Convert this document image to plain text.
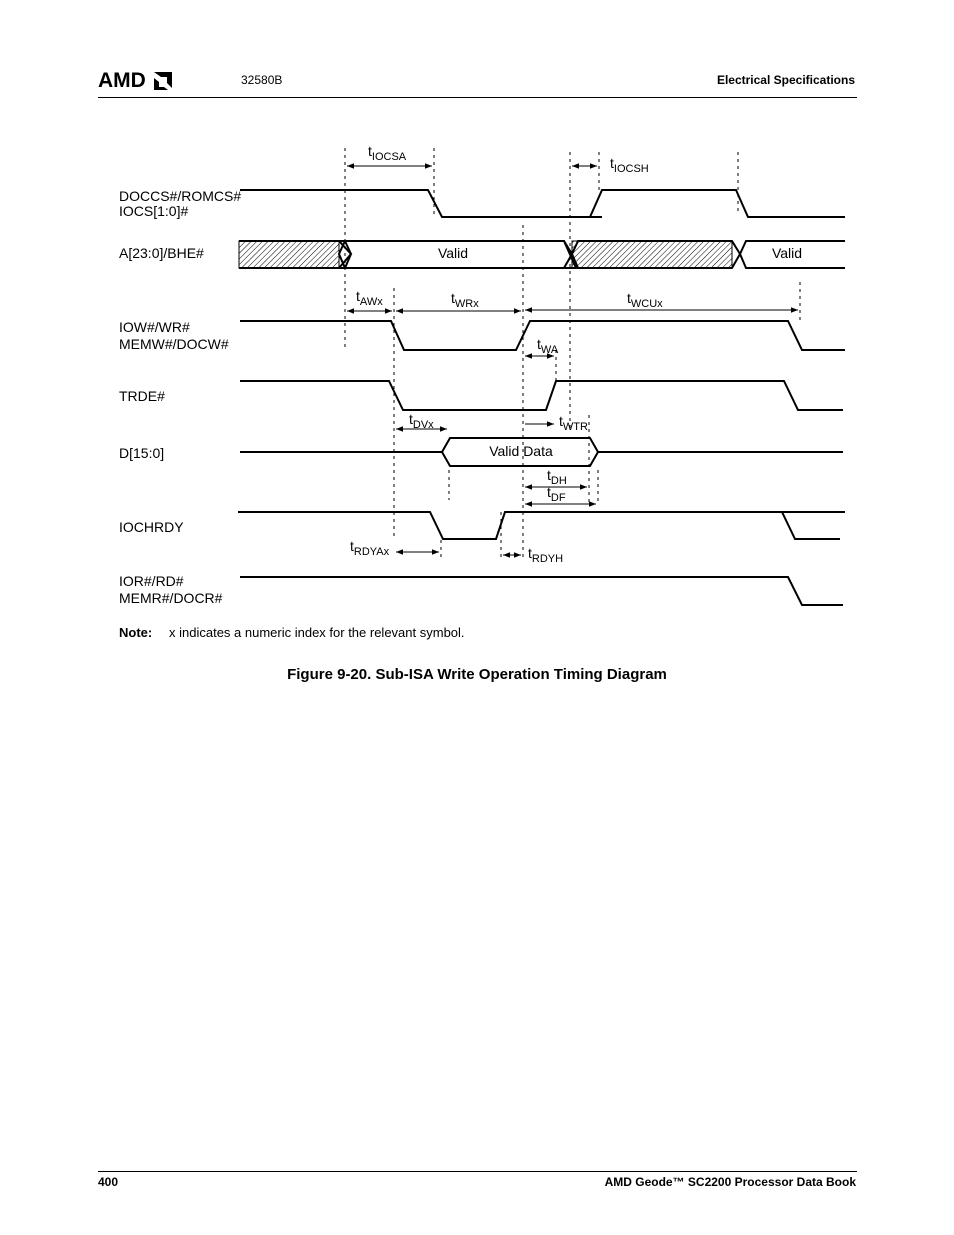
AMD	32580B	Electrical Specifications
DOCCS#/ROMCS#
IOCS[1:0]#
A[23:0]/BHE#
IOW#/WR#
MEMW#/DOCW#
TRDE#
D[15:0]
IOCHRDY
IOR#/RD#
MEMR#/DOCR#
$t_{IOCSA}$	$t_{IOCSH}$
$t_{AWx}$	$t_{WRx}$	$t_{WCUx}$
$t_{WA}$
$t_{DVx}$	$t_{WTR}$
$t_{DH}$
$t_{DF}$
$t_{RDYAx}$	$t_{RDYH}$
Valid	Valid
Valid Data
Note: x indicates a numeric index for the relevant symbol.
Figure 9-20. Sub-ISA Write Operation Timing Diagram
400	AMD Geode™ SC2200 Processor Data Book
